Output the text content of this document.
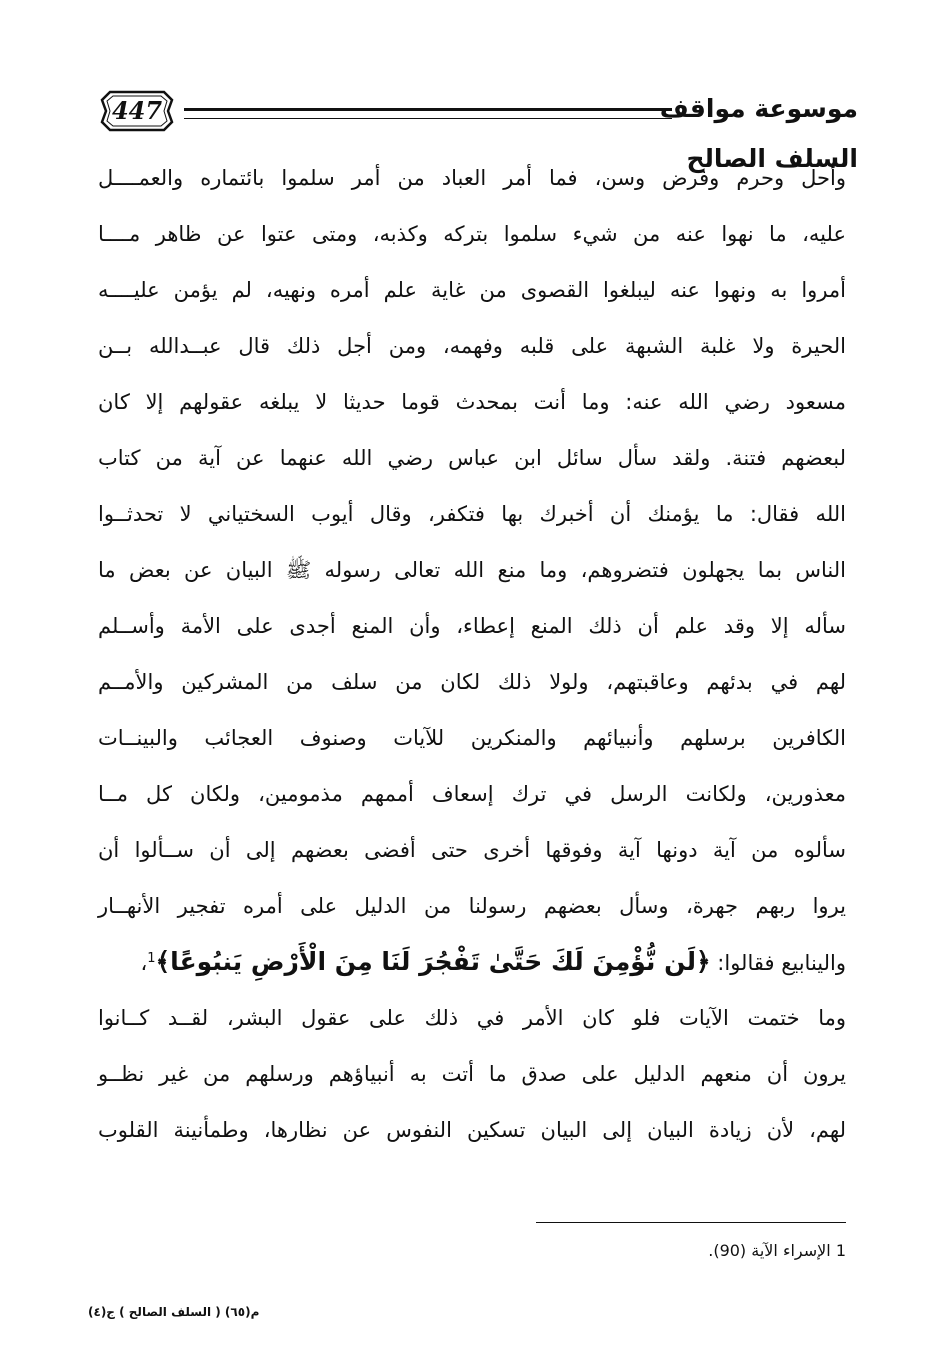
447	موسوعة مواقف السلف الصالح
وأحل وحرم وفرض وسن، فما أمر العباد من أمر سلموا بائتماره والعمــــل
عليه، ما نهوا عنه من شيء سلموا بتركه وكذبه، ومتى عتوا عن ظاهر مــــا
أمروا به ونهوا عنه ليبلغوا القصوى من غاية علم أمره ونهيه، لم يؤمن عليــــه
الحيرة ولا غلبة الشبهة على قلبه وفهمه، ومن أجل ذلك قال عبــدالله بــن
مسعود رضي الله عنه: وما أنت بمحدث قوما حديثا لا يبلغه عقولهم إلا كان
لبعضهم فتنة. ولقد سأل سائل ابن عباس رضي الله عنهما عن آية من كتاب
الله فقال: ما يؤمنك أن أخبرك بها فتكفر، وقال أيوب السختياني لا تحدثــوا
الناس بما يجهلون فتضروهم، وما منع الله تعالى رسوله ﷺ البيان عن بعض ما
سأله إلا وقد علم أن ذلك المنع إعطاء، وأن المنع أجدى على الأمة وأســلم
لهم في بدئهم وعاقبتهم، ولولا ذلك لكان من سلف من المشركين والأمــم
الكافرين برسلهم وأنبيائهم والمنكرين للآيات وصنوف العجائب والبينــات
معذورين، ولكانت الرسل في ترك إسعاف أممهم مذمومين، ولكان كل مــا
سألوه من آية دونها آية وفوقها أخرى حتى أفضى بعضهم إلى أن ســألوا أن
يروا ربهم جهرة، وسأل بعضهم رسولنا من الدليل على أمره تفجير الأنهــار
والينابيع فقالوا: ﴿لَن نُّؤْمِنَ لَكَ حَتَّىٰ تَفْجُرَ لَنَا مِنَ الْأَرْضِ يَنبُوعًا﴾$^1$،
وما ختمت الآيات فلو كان الأمر في ذلك على عقول البشر، لقــد كــانوا
يرون أن منعهم الدليل على صدق ما أتت به أنبياؤهم ورسلهم من غير نظــو
لهم، لأن زيادة البيان إلى البيان تسكين النفوس عن نظارها، وطمأنينة القلوب
1 الإسراء الآية (90).
م(٦٥) ( السلف الصالح ) ج(٤)
